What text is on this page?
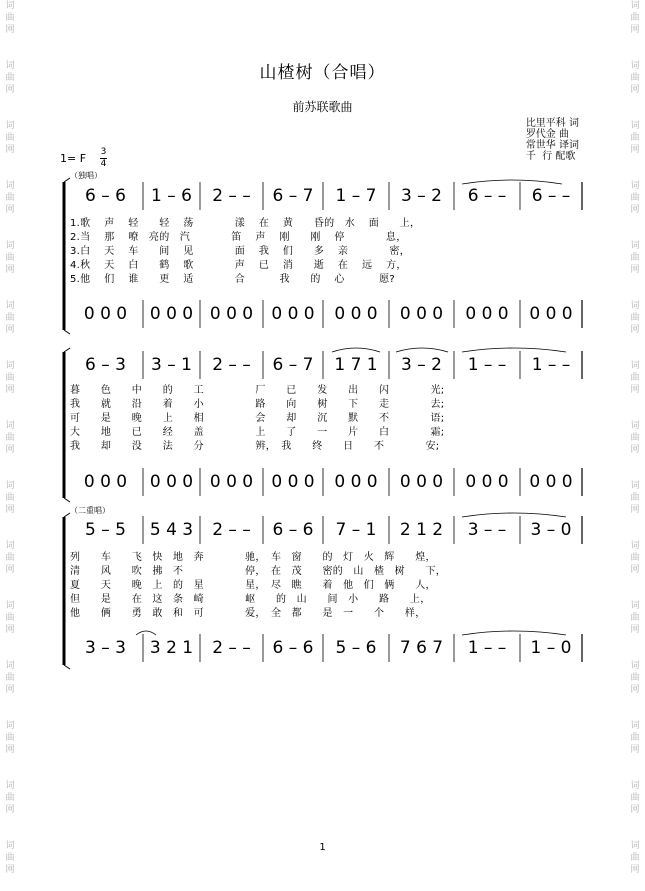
词
曲
网
词
曲
网
词
曲
网
词
曲
网
词
曲
网
词
曲
网
词
曲
网
词
曲
网
词
曲
网
词
曲
网
词
曲
网
词
曲
网
词
曲
网
词
曲
网
词
曲
网
词
曲
网
词
曲
网
词
曲
网
词
曲
网
词
曲
网
词
曲
网
词
曲
网
词
曲
网
词
曲
网
词
曲
网
词
曲
网
词
曲
网
词
曲
网
词
曲
网
词
曲
网
山楂树（合唱）
前苏联歌曲
比里平科 词
罗代金 曲
常世华 译词
千  行 配歌
1= F 3
4
（独唱）
（二重唱）
6 – 6
0 0 0
1 – 6
0 0 0
2 – –
0 0 0
6 – 7
0 0 0
1 – 7
0 0 0
3 – 2
0 0 0
6 – –
0 0 0
6 – –
0 0 0
1.歌　 声　 轻　　轻　 荡　　　　漾　 在　 黄　　昏的　水　 面　　上，
2.当　 那　 嘹　亮的　汽　　　　笛　 声　 刚　　刚　 停　　　　息，
3.白　 天　 车　　间　 见　　　　面　 我　 们　　多　 亲　　　　密，
4.秋　 天　 白　　鹤　 歌　　　　声　 已　 消　　逝　 在　 远　 方，
5.他　 们　 谁　　更　 适　　　　合　　　 我　　的　 心　　　 愿?
6 – 3
0 0 0
3 – 1
0 0 0
2 – –
0 0 0
6 – 7
0 0 0
1 7 1
0 0 0
3 – 2
0 0 0
1 – –
0 0 0
1 – –
0 0 0
暮　　色　　中　　的　　工　　　　　厂　　已　　发　　出　　闪　　　　光;
我　　就　　沿　　着　　小　　　　　路　　向　　树　　下　　走　　　　去;
可　　是　　晚　　上　　相　　　　　会　　却　　沉　　默　　不　　　　语;
大　　地　　已　　经　　盖　　　　　上　　了　　一　　片　　白　　　　霜;
我　　却　　没　　法　　分　　　　　辨，　我　　终　　日　　不　　　　安;
5 – 5
3 – 3
5 4 3
3 2 1
2 – –
2 – –
6 – 6
6 – 6
7 – 1
5 – 6
2 1 2
7 6 7
3 – –
1 – –
3 – 0
1 – 0
列　　车　　飞　快　地　奔　　　　驰，　车　窗　　的　灯　火　辉　　煌，
清　　风　　吹　拂　不　　　　　　停，　在　茂　　密的　山　楂　树　　下，
夏　　天　　晚　上　的　星　　　　星，　尽　瞧　　着　他　们　俩　　人，
但　　是　　在　这　条　崎　　　　岖　　的　山　　间　小　　路　　上，
他　　俩　　勇　敢　和　可　　　　爱，　全　都　　是　一　　个　　样，
1
